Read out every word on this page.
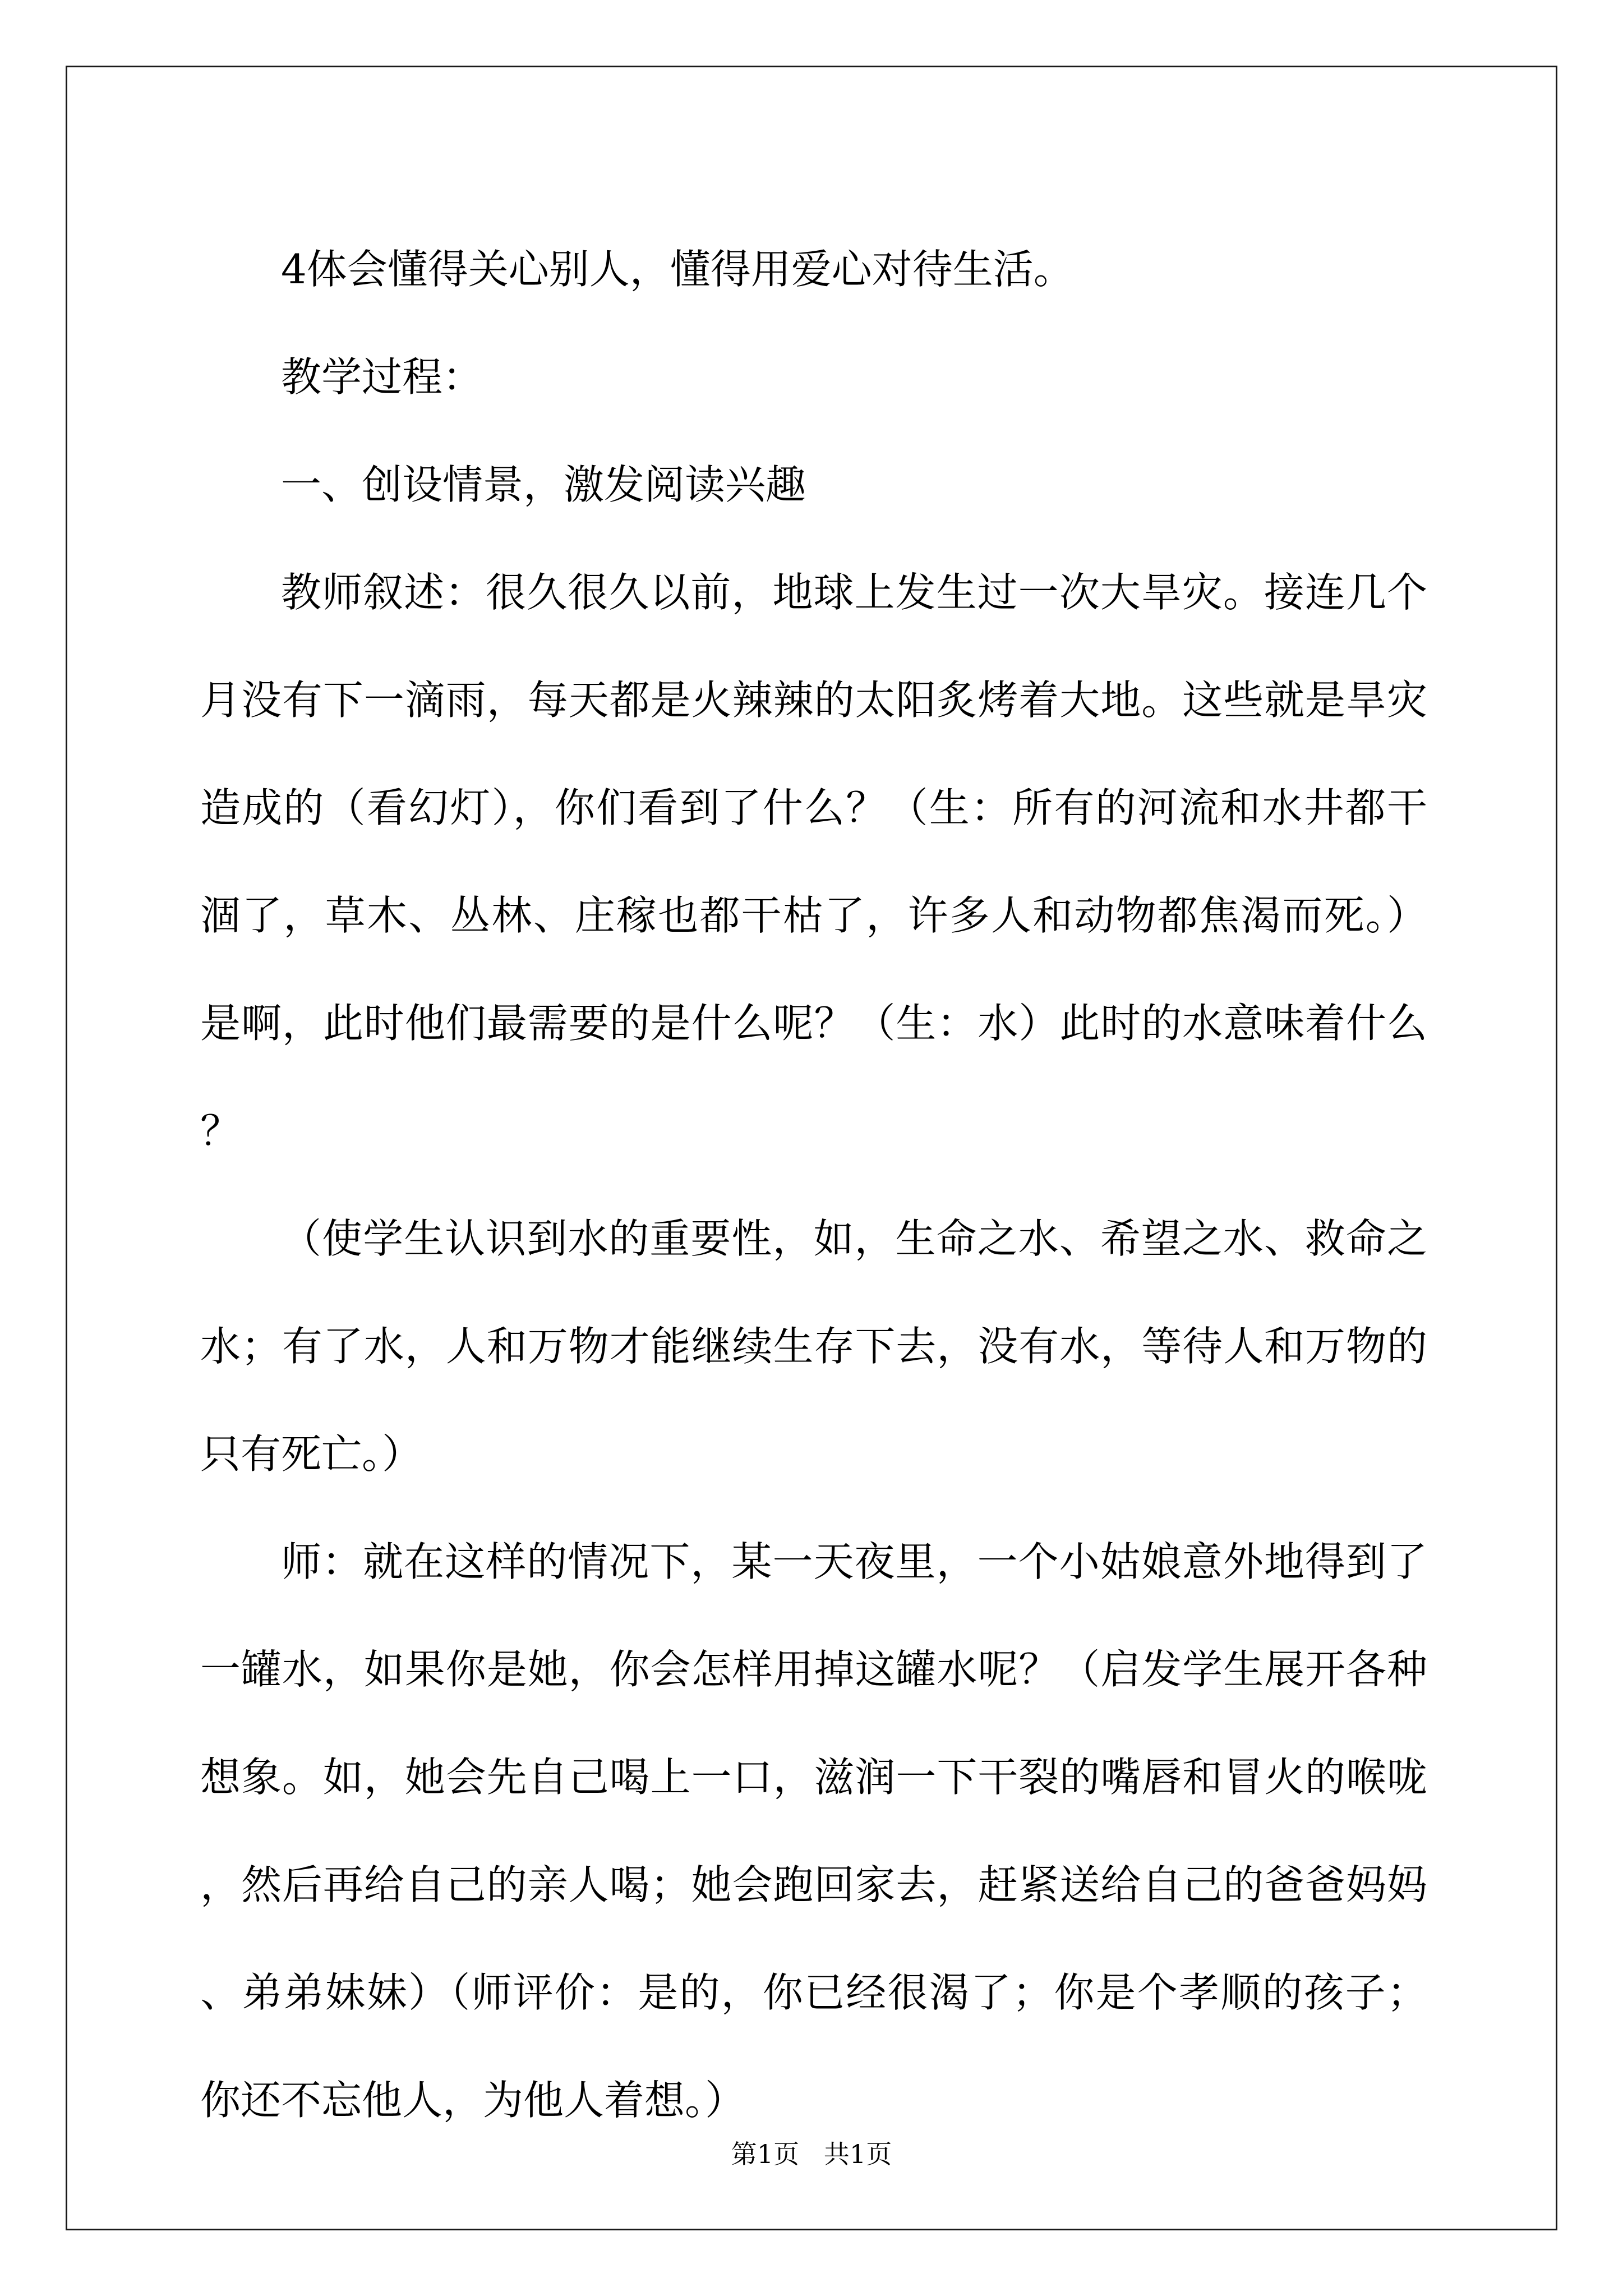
4体会懂得关心别人，懂得用爱心对待生活。

教学过程：

一、创设情景，激发阅读兴趣

教师叙述：很久很久以前，地球上发生过一次大旱灾。接连几个月没有下一滴雨，每天都是火辣辣的太阳炙烤着大地。这些就是旱灾造成的（看幻灯），你们看到了什么？（生：所有的河流和水井都干涸了，草木、丛林、庄稼也都干枯了，许多人和动物都焦渴而死。）是啊，此时他们最需要的是什么呢？（生：水）此时的水意味着什么？

（使学生认识到水的重要性，如，生命之水、希望之水、救命之水；有了水，人和万物才能继续生存下去，没有水，等待人和万物的只有死亡。）

师：就在这样的情况下，某一天夜里，一个小姑娘意外地得到了一罐水，如果你是她，你会怎样用掉这罐水呢？（启发学生展开各种想象。如，她会先自己喝上一口，滋润一下干裂的嘴唇和冒火的喉咙，然后再给自己的亲人喝；她会跑回家去，赶紧送给自己的爸爸妈妈、弟弟妹妹）（师评价：是的，你已经很渴了；你是个孝顺的孩子；你还不忘他人，为他人着想。）

第1页   共1页
